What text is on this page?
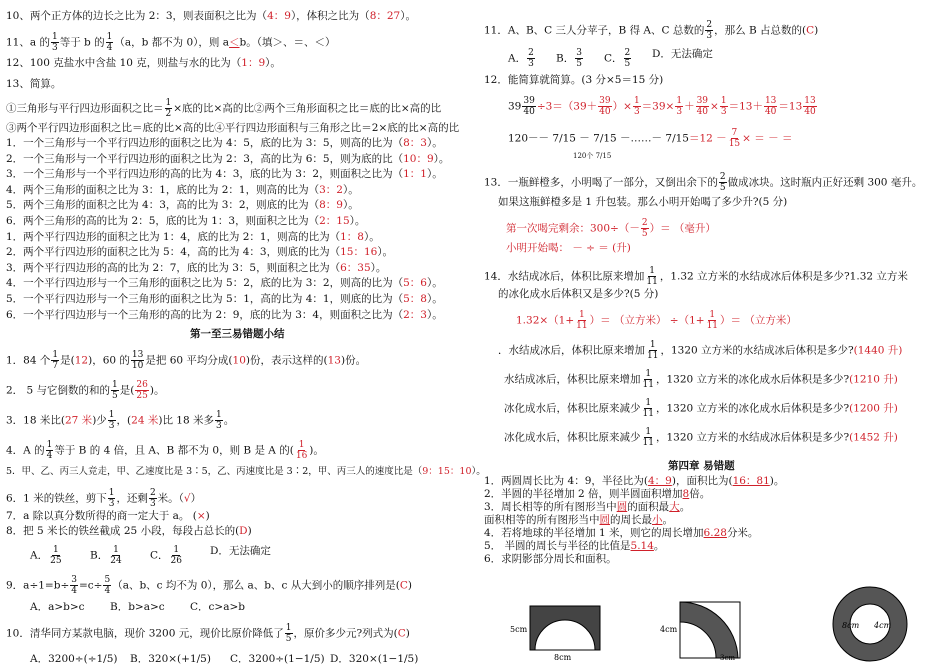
10、两个正方体的边长之比为 2：3，则表面积之比为（4：9），体积之比为（8：27）。
11、a 的 $\frac{1}{3}$ 等于 b 的 $\frac{1}{4} (a$，b 都不为 0），则 a＜b。（填＞、＝、＜）
12、100 克盐水中含盐 10 克，则盐与水的比为（1：9）。
13、简算。
①三角形与平行四边形面积之比＝ $\frac{1}{2}$ ×底的比×高的比②两个三角形面积之比＝底的比×高的比
③两个平行四边形面积之比＝底的比×高的比④平行四边形面积与三角形之比＝2×底的比×高的比
1．一个三角形与一个平行四边形的面积之比为 4：5，底的比为 3：5，则高的比为（8：3）。
2．一个三角形与一个平行四边形的面积之比为 2：3，高的比为 6：5，则为底的比（10：9）。
3．一个三角形与一个平行四边形的高的比为 4：3，底的比为 3：2，则面积之比为（1：1）。
4．两个三角形的面积之比为 3：1，底的比为 2：1，则高的比为（3：2）。
5．两个三角形的面积之比为 4：3，高的比为 3：2，则底的比为（8：9）。
6．两个三角形的高的比为 2：5，底的比为 1：3，则面积之比为（2：15）。
1．两个平行四边形的面积之比为 1：4，底的比为 2：1，则高的比为（1：8）。
2．两个平行四边形的面积之比为 5：4，高的比为 4：3，则底的比为（15：16）。
3．两个平行四边形的高的比为 2：7，底的比为 3：5，则面积之比为（6：35）。
4．一个平行四边形与一个三角形的面积之比为 5：2，底的比为 3：2，则高的比为（5：6）。
5．一个平行四边形与一个三角形的面积之比为 5：1，高的比为 4：1，则底的比为（5：8）。
6．一个平行四边形与一个三角形的高的比为 2：9，底的比为 3：4，则面积之比为（2：3）。
第一至三易错题小结
1．84 个 $\frac{1}{7}$ 是(12)，60 的 $\frac{13}{10}$ 是把 60 平均分成(10)份，表示这样的(13)份。
2． 5 与它倒数的和的 $\frac{1}{5}$ 是( $\frac{26}{25}$ )。
3．18 米比(27 米)少 $\frac{1}{3}$ ，(24 米)比 18 米多 $\frac{1}{3}$ 。
4．A 的 $\frac{1}{4}$ 等于 B 的 4 倍，且 A、B 都不为 0，则 B 是 A 的( $\frac{1}{16}$ )。
5．甲、乙、丙三人竞走，甲、乙速度比是 3∶5，乙、丙速度比是 3∶2，甲、丙三人的速度比是（9：15：10）。
6．1 米的铁丝，剪下 $\frac{1}{3}$ ，还剩 $\frac{2}{3}$ 米。（√）
7．a 除以真分数所得的商一定大于 a。 (×)
8．把 5 米长的铁丝截成 25 小段，每段占总长的(D)
A． $\frac{1}{25}$	B． $\frac{1}{24}$	C． $\frac{1}{26}$	D．无法确定
9．$a\div 1=b\div \frac{3}{4} =c\div \frac{5}{4} (a$、b、c 均不为 0），那么 a、b、c 从大到小的顺序排列是(C)
A．a>b>c B．b>a>c C．c>a>b
10．清华同方某款电脑，现价 3200 元，现价比原价降低了 $\frac{1}{5}$ ，原价多少元?列式为(C)
A．3200÷(÷1/5) B．320×(+1/5) C．3200÷(1−1/5) D．320×(1−1/5)
11．A、B、C 三人分苹子，B 得 A、C 总数的 $\frac{2}{3}$ ，那么 B 占总数的(C)
A． $\frac{2}{3}$ B． $\frac{3}{5}$ C． $\frac{2}{5}$ D．无法确定
12．能简算就简算。(3 分×5＝15 分)
$39 \frac{39}{40} \div 3=(39+ \frac{39}{40}$ ）× $\frac{1}{3} =39\times \frac{1}{3} + \frac{39}{40} \times \frac{1}{3} =13+ \frac{13}{40} =13 \frac{13}{40}$
120－－ 7/15 － 7/15 －……－ $7/15=12 - \frac{7}{15}$ × ＝ － ＝
120个 7/15
13．一瓶鲜橙多，小明喝了一部分，又倒出余下的 $\frac{2}{5}$ 做成冰块。这时瓶内正好还剩 300 毫升。
如果这瓶鲜橙多是 1 升包装。那么小明开始喝了多少升?(5 分)
第一次喝完剩余：$300\div(- \frac{2}{5}$ ）＝ （毫升）
小明开始喝： － ÷ ＝ (升)
14．水结成冰后，体积比原来增加 $\frac{1}{11}$ ，1.32 立方米的水结成冰后体积是多少?1.32 立方米
的冰化成水后体积又是多少?(5 分)
$1.32\times(1+ \frac{1}{11}$ ）＝ （立方米） $\div(1+ \frac{1}{11}$ ）＝ （立方米）
．水结成冰后，体积比原来增加 $\frac{1}{11}$ ，1320 立方米的水结成冰后体积是多少?(1440 升)
水结成冰后，体积比原来增加 $\frac{1}{11}$ ，1320 立方米的冰化成水后体积是多少?(1210 升)
冰化成水后，体积比原来减少 $\frac{1}{11}$ ，1320 立方米的冰化成水后体积是多少?(1200 升)
冰化成水后，体积比原来减少 $\frac{1}{11}$ ，1320 立方米的水结成冰后体积是多少?(1452 升)
第四章 易错题
1．两圆周长比为 4：9，半径比为(4：9)，面积比为(16：81)。
2．半圆的半径增加 2 倍，则半圆面积增加8倍。
3．周长相等的所有图形当中圆的面积最大。
面积相等的所有图形当中圆的周长最小。
4．若将地球的半径增加 1 米，则它的周长增加6.28分米。
5． 半圆的周长与半径的比值是5.14。
6．求阴影部分周长和面积。
5cm
8cm
4cm
3cm
8cm 4cm
